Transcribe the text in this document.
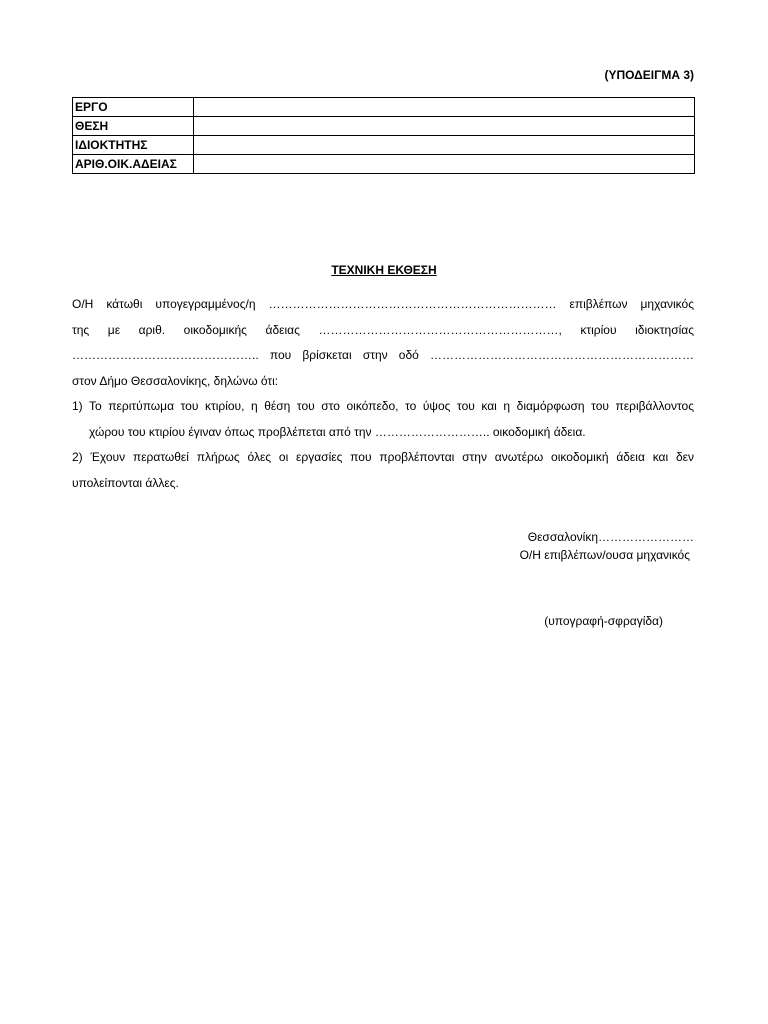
(ΥΠΟΔΕΙΓΜΑ 3)
ΕΡΓΟ	
ΘΕΣΗ	
ΙΔΙΟΚΤΗΤΗΣ	
ΑΡΙΘ.ΟΙΚ.ΑΔΕΙΑΣ	
ΤΕΧΝΙΚΗ ΕΚΘΕΣΗ

Ο/Η κάτωθι υπογεγραμμένος/η ……………………………………………………………… επιβλέπων μηχανικός

της με αριθ. οικοδομικής άδειας ……………………………………………………, κτιρίου ιδιοκτησίας

……………………………………….. που βρίσκεται στην οδό …………………………………………………………

στον Δήμο Θεσσαλονίκης, δηλώνω ότι:

1) Το περιτύπωμα του κτιρίου, η θέση του στο οικόπεδο, το ύψος του και η διαμόρφωση του περιβάλλοντος

χώρου του κτιρίου έγιναν όπως προβλέπεται από την ……………………….. οικοδομική άδεια.

2) Έχουν περατωθεί πλήρως όλες οι εργασίες που προβλέπονται στην ανωτέρω οικοδομική άδεια και δεν

υπολείπονται άλλες.

Θεσσαλονίκη……………………
Ο/Η επιβλέπων/ουσα μηχανικός
(υπογραφή-σφραγίδα)
